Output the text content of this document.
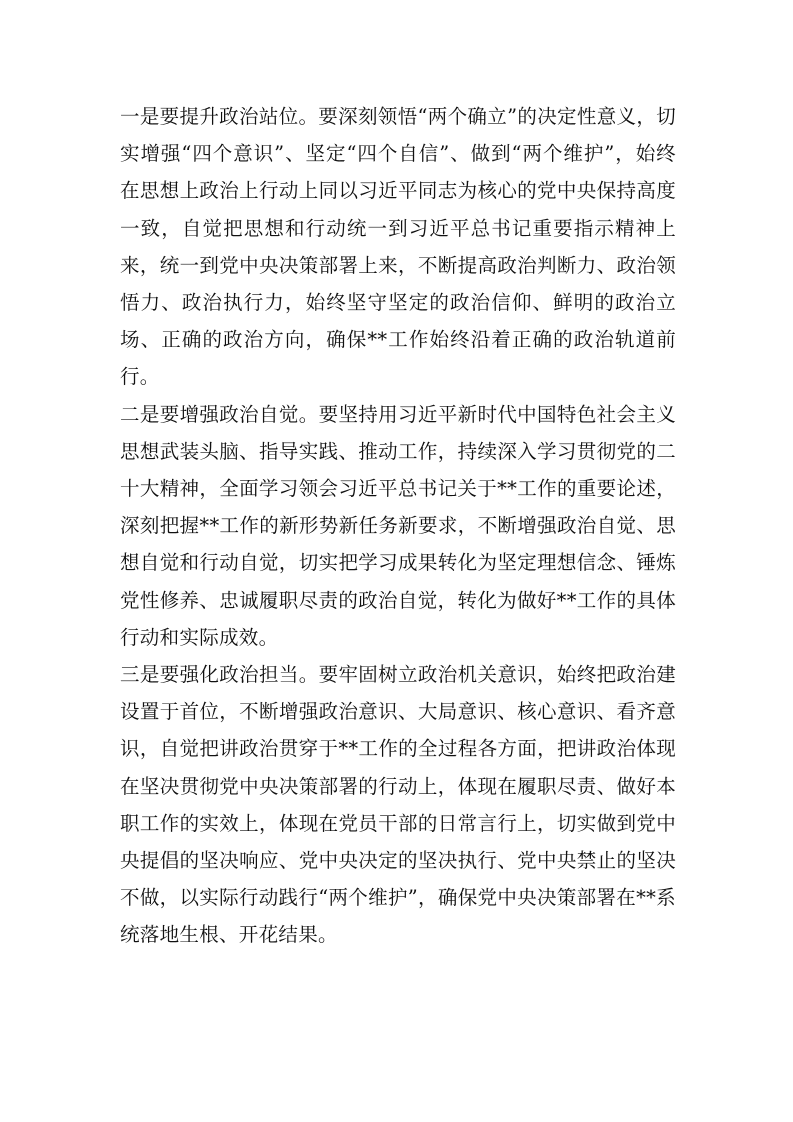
一是要提升政治站位。要深刻领悟“两个确立”的决定性意义，切实增强“四个意识”、坚定“四个自信”、做到“两个维护”，始终在思想上政治上行动上同以习近平同志为核心的党中央保持高度一致，自觉把思想和行动统一到习近平总书记重要指示精神上来，统一到党中央决策部署上来，不断提高政治判断力、政治领悟力、政治执行力，始终坚守坚定的政治信仰、鲜明的政治立场、正确的政治方向，确保**工作始终沿着正确的政治轨道前行。

二是要增强政治自觉。要坚持用习近平新时代中国特色社会主义思想武装头脑、指导实践、推动工作，持续深入学习贯彻党的二十大精神，全面学习领会习近平总书记关于**工作的重要论述，深刻把握**工作的新形势新任务新要求，不断增强政治自觉、思想自觉和行动自觉，切实把学习成果转化为坚定理想信念、锤炼党性修养、忠诚履职尽责的政治自觉，转化为做好**工作的具体行动和实际成效。

三是要强化政治担当。要牢固树立政治机关意识，始终把政治建设置于首位，不断增强政治意识、大局意识、核心意识、看齐意识，自觉把讲政治贯穿于**工作的全过程各方面，把讲政治体现在坚决贯彻党中央决策部署的行动上，体现在履职尽责、做好本职工作的实效上，体现在党员干部的日常言行上，切实做到党中央提倡的坚决响应、党中央决定的坚决执行、党中央禁止的坚决不做，以实际行动践行“两个维护”，确保党中央决策部署在**系统落地生根、开花结果。
